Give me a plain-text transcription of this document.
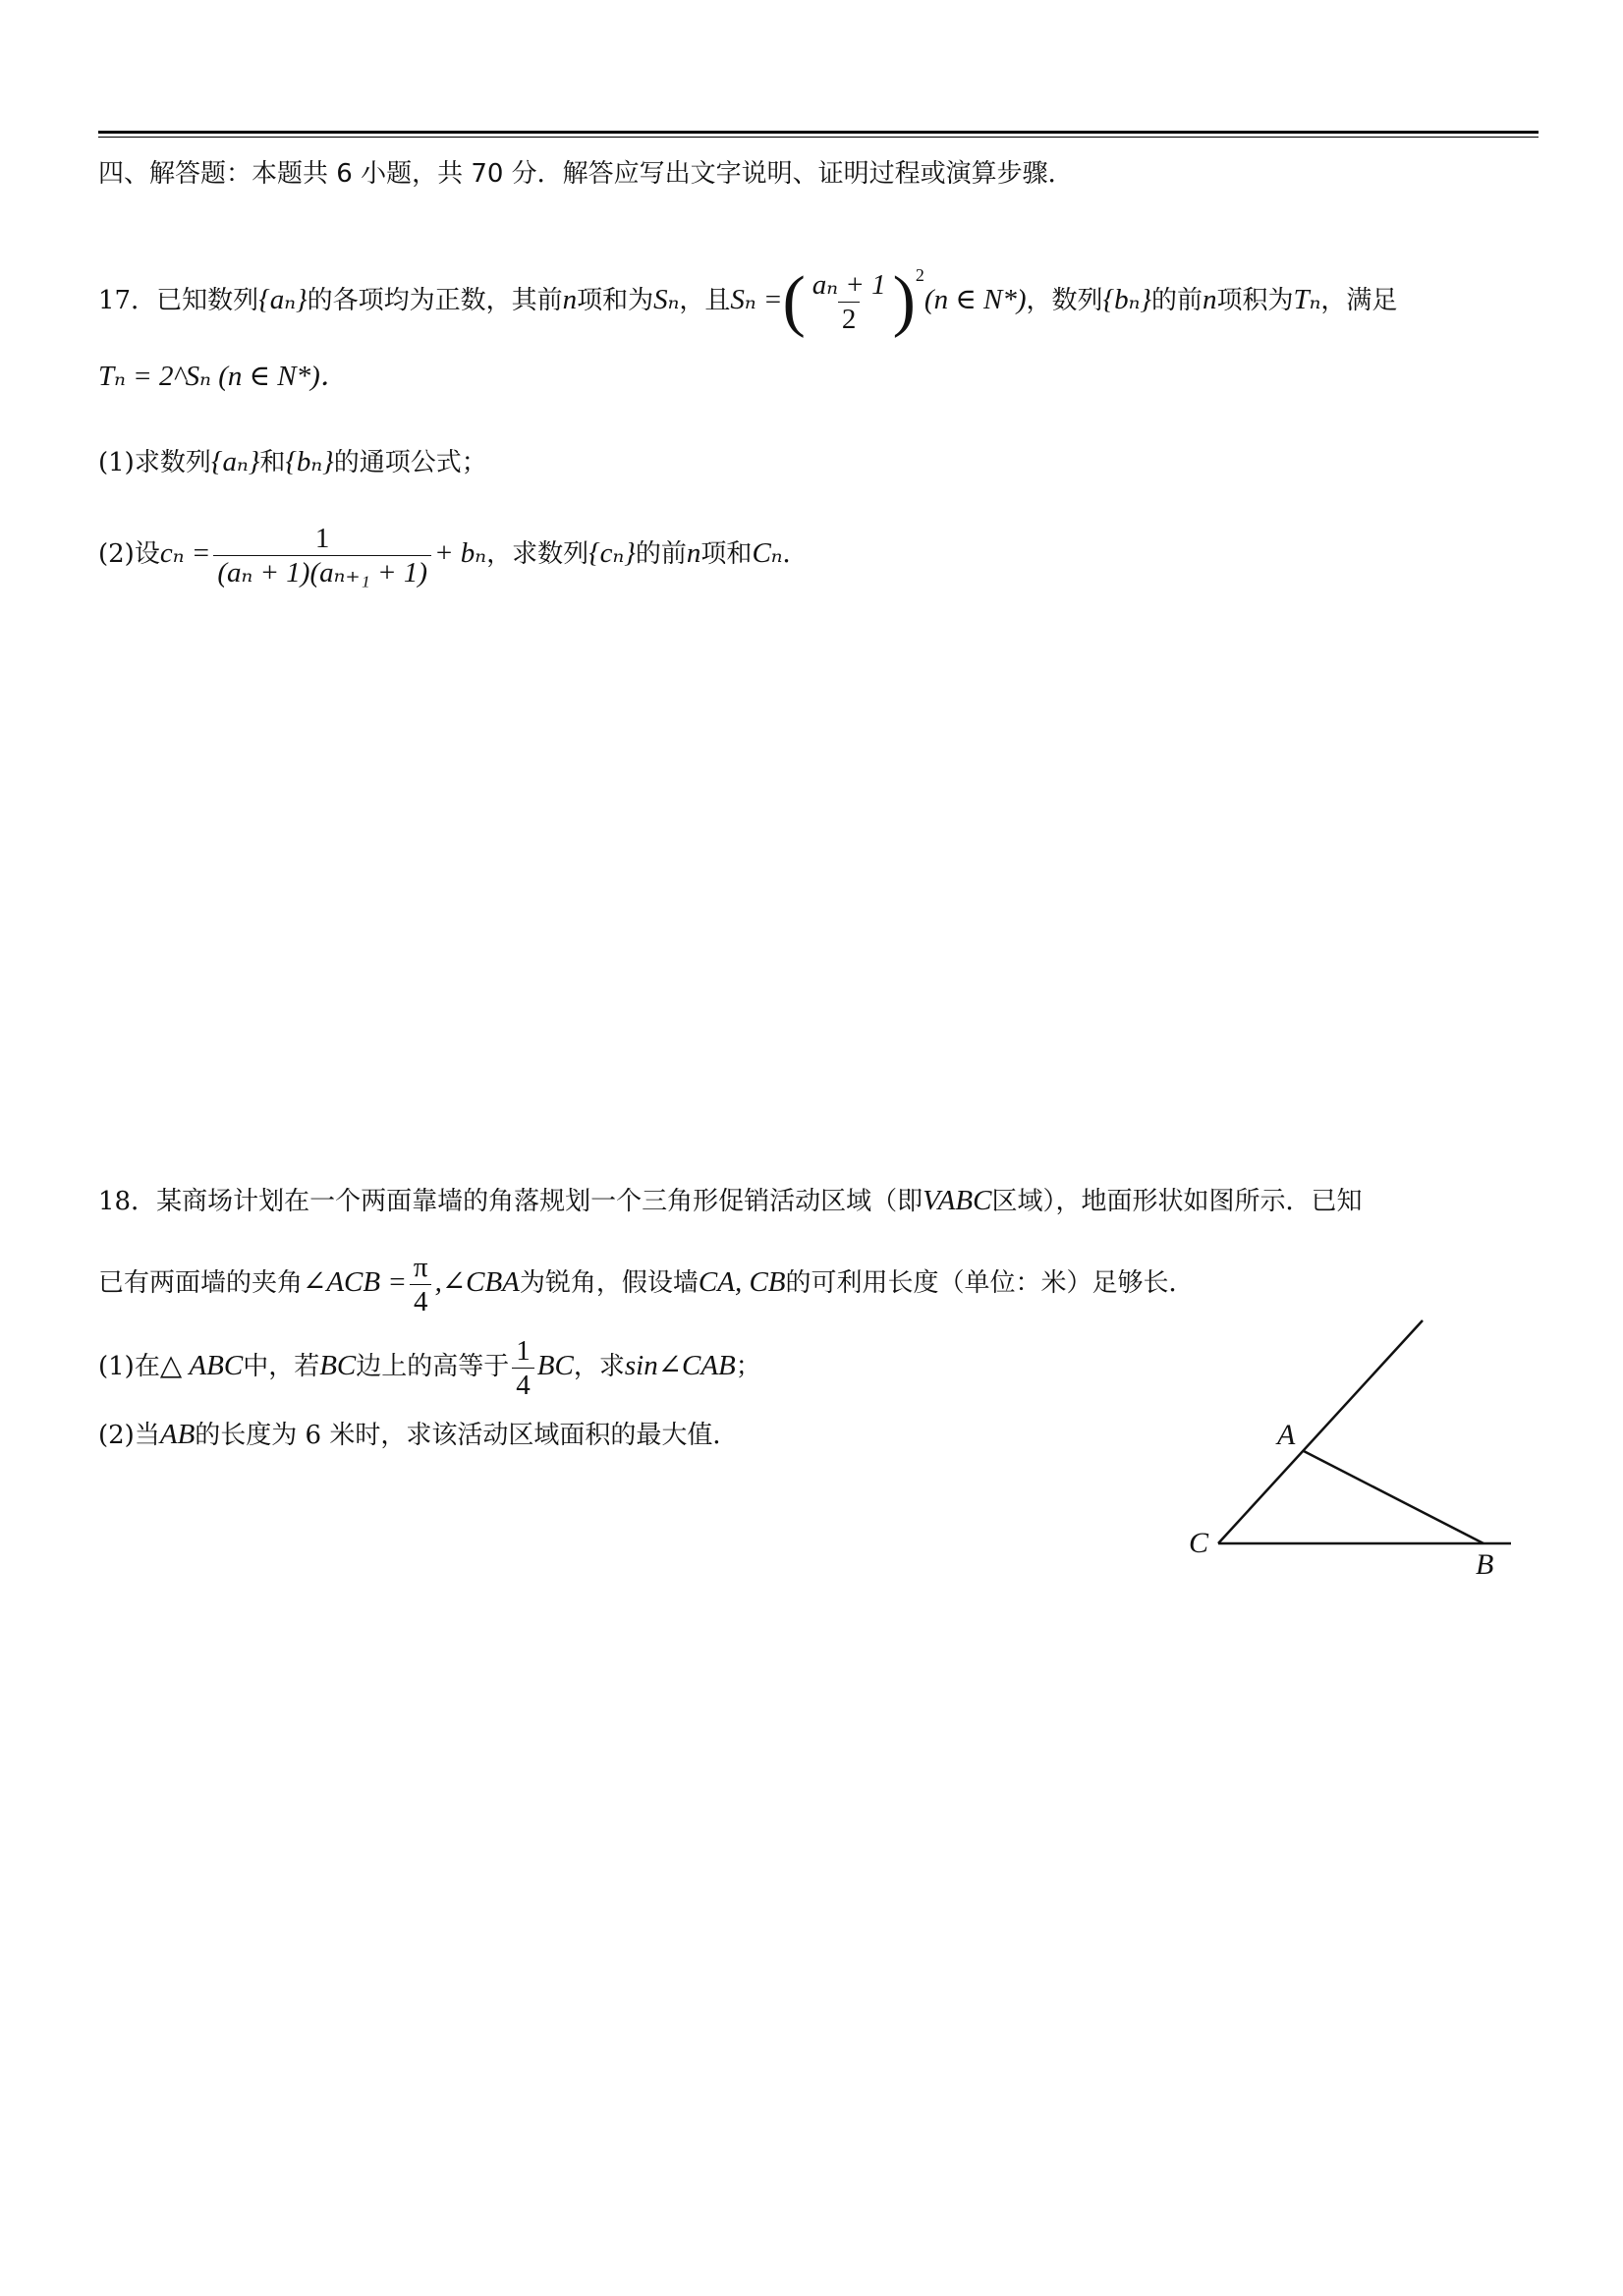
四、解答题：本题共 6 小题，共 70 分．解答应写出文字说明、证明过程或演算步骤．
17．已知数列{aₙ}的各项均为正数，其前n项和为Sₙ，且Sₙ =( $\frac{\text{aₙ + 1}}{2} )^2(n$ ∈ N*)，数列{bₙ}的前n项积为Tₙ，满足
Tₙ = 2^Sₙ (n ∈ N*)．
(1)求数列{aₙ}和{bₙ}的通项公式；
(2)设$c_n = \frac{1}{\text{(aₙ + 1)(aₙ₊₁ + 1)}} + b_n$，求数列{cₙ}的前n项和Cₙ．
18．某商场计划在一个两面靠墙的角落规划一个三角形促销活动区域（即VABC区域），地面形状如图所示．已知
已有两面墙的夹角∠ACB = $\frac{\pi}{4}$ ,∠CBA为锐角，假设墙CA, CB的可利用长度（单位：米）足够长．
(1)在△ ABC中，若BC边上的高等于 $\frac{1}{4}$ BC，求sin∠CAB；
(2)当AB的长度为 6 米时，求该活动区域面积的最大值．	A
C
B
